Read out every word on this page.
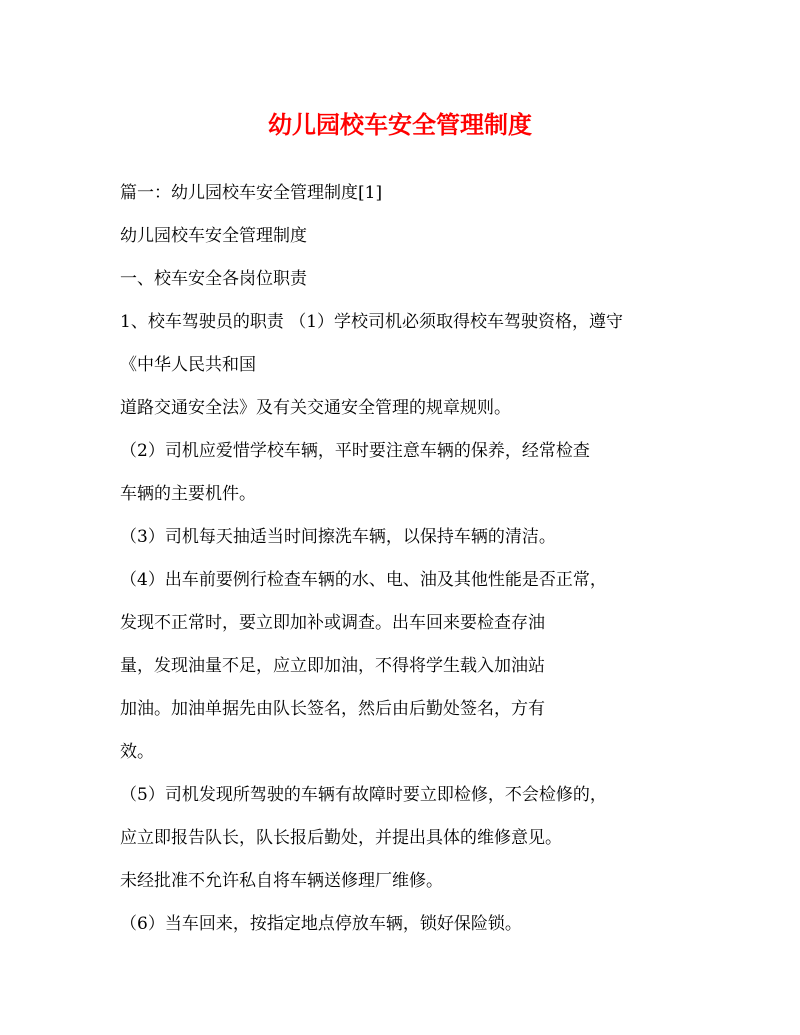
幼儿园校车安全管理制度
篇一：幼儿园校车安全管理制度[1]
幼儿园校车安全管理制度
一、校车安全各岗位职责
1、校车驾驶员的职责 （1）学校司机必须取得校车驾驶资格，遵守
《中华人民共和国
道路交通安全法》及有关交通安全管理的规章规则。
（2）司机应爱惜学校车辆，平时要注意车辆的保养，经常检查
车辆的主要机件。
（3）司机每天抽适当时间擦洗车辆，以保持车辆的清洁。
（4）出车前要例行检查车辆的水、电、油及其他性能是否正常，
发现不正常时，要立即加补或调查。出车回来要检查存油
量，发现油量不足，应立即加油，不得将学生载入加油站
加油。加油单据先由队长签名，然后由后勤处签名，方有
效。
（5）司机发现所驾驶的车辆有故障时要立即检修，不会检修的，
应立即报告队长，队长报后勤处，并提出具体的维修意见。
未经批准不允许私自将车辆送修理厂维修。
（6）当车回来，按指定地点停放车辆，锁好保险锁。
